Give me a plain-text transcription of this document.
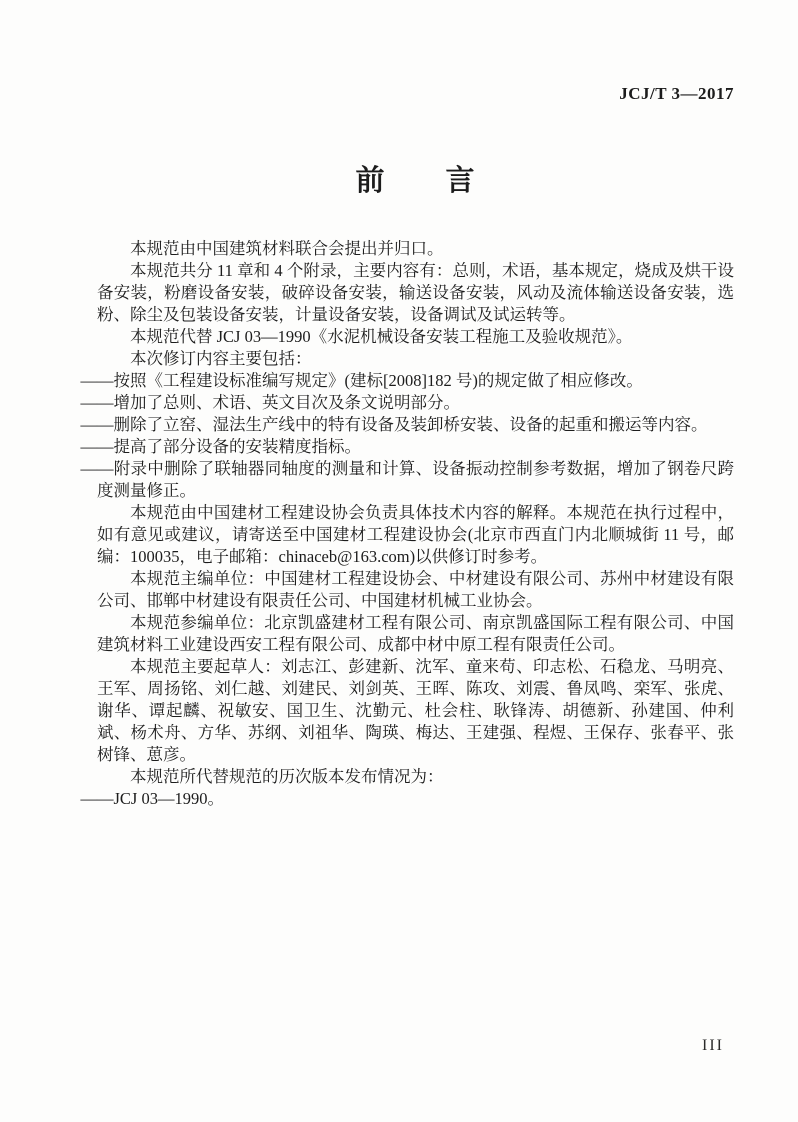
JCJ/T 3—2017
前　　言

本规范由中国建筑材料联合会提出并归口。

本规范共分 11 章和 4 个附录，主要内容有：总则，术语，基本规定，烧成及烘干设备安装，粉磨设备安装，破碎设备安装，输送设备安装，风动及流体输送设备安装，选粉、除尘及包装设备安装，计量设备安装，设备调试及试运转等。

本规范代替 JCJ 03—1990《水泥机械设备安装工程施工及验收规范》。

本次修订内容主要包括：

——按照《工程建设标准编写规定》(建标[2008]182 号)的规定做了相应修改。

——增加了总则、术语、英文目次及条文说明部分。

——删除了立窑、湿法生产线中的特有设备及装卸桥安装、设备的起重和搬运等内容。

——提高了部分设备的安装精度指标。

——附录中删除了联轴器同轴度的测量和计算、设备振动控制参考数据，增加了钢卷尺跨度测量修正。

本规范由中国建材工程建设协会负责具体技术内容的解释。本规范在执行过程中，如有意见或建议，请寄送至中国建材工程建设协会(北京市西直门内北顺城街 11 号，邮编：100035，电子邮箱：chinaceb@163.com)以供修订时参考。

本规范主编单位：中国建材工程建设协会、中材建设有限公司、苏州中材建设有限公司、邯郸中材建设有限责任公司、中国建材机械工业协会。

本规范参编单位：北京凯盛建材工程有限公司、南京凯盛国际工程有限公司、中国建筑材料工业建设西安工程有限公司、成都中材中原工程有限责任公司。

本规范主要起草人：刘志江、彭建新、沈军、童来苟、印志松、石稳龙、马明亮、王军、周扬铭、刘仁越、刘建民、刘剑英、王晖、陈攻、刘震、鲁凤鸣、栾军、张虎、谢华、谭起麟、祝敏安、国卫生、沈勤元、杜会柱、耿锋涛、胡德新、孙建国、仲利斌、杨术舟、方华、苏纲、刘祖华、陶瑛、梅达、王建强、程煜、王保存、张春平、张树锋、葸彦。

本规范所代替规范的历次版本发布情况为：

——JCJ 03—1990。

III
